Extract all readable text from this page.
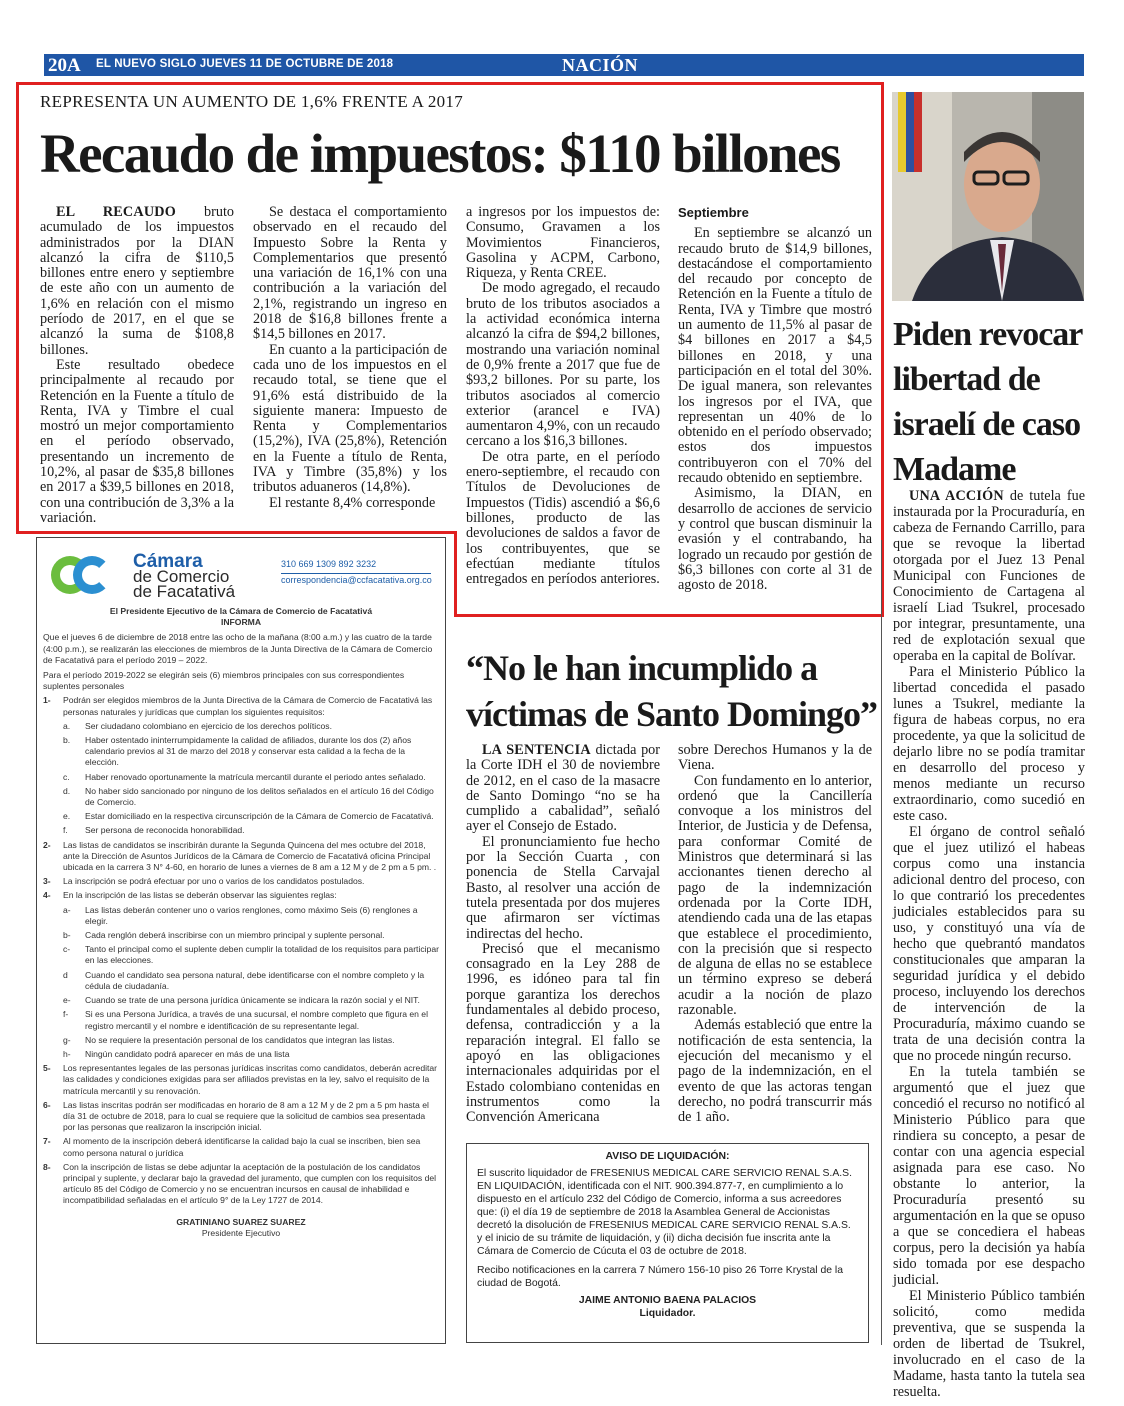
20A EL NUEVO SIGLO JUEVES 11 DE OCTUBRE DE 2018	NACIÓN
REPRESENTA UN AUMENTO DE 1,6% FRENTE A 2017
Recaudo de impuestos: $110 billones

EL RECAUDO bruto acumulado de los impuestos administrados por la DIAN alcanzó la cifra de $110,5 billones entre enero y septiembre de este año con un aumento de 1,6% en relación con el mismo período de 2017, en el que se alcanzó la suma de $108,8 billones.

Este resultado obedece principalmente al recaudo por Retención en la Fuente a título de Renta, IVA y Timbre el cual mostró un mejor comportamiento en el período observado, presentando un incremento de 10,2%, al pasar de $35,8 billones en 2017 a $39,5 billones en 2018, con una contribución de 3,3% a la variación.

Se destaca el comportamiento observado en el recaudo del Impuesto Sobre la Renta y Complementarios que presentó una variación de 16,1% con una contribución a la variación del 2,1%, registrando un ingreso en 2018 de $16,8 billones frente a $14,5 billones en 2017.

En cuanto a la participación de cada uno de los impuestos en el recaudo total, se tiene que el 91,6% está distribuido de la siguiente manera: Impuesto de Renta y Complementarios (15,2%), IVA (25,8%), Retención en la Fuente a título de Renta, IVA y Timbre (35,8%) y los tributos aduaneros (14,8%).

El restante 8,4% corresponde

a ingresos por los impuestos de: Consumo, Gravamen a los Movimientos Financieros, Gasolina y ACPM, Carbono, Riqueza, y Renta CREE.

De modo agregado, el recaudo bruto de los tributos asociados a la actividad económica interna alcanzó la cifra de $94,2 billones, mostrando una variación nominal de 0,9% frente a 2017 que fue de $93,2 billones. Por su parte, los tributos asociados al comercio exterior (arancel e IVA) aumentaron 4,9%, con un recaudo cercano a los $16,3 billones.

De otra parte, en el período enero-septiembre, el recaudo con Títulos de Devoluciones de Impuestos (Tidis) ascendió a $6,6 billones, producto de las devoluciones de saldos a favor de los contribuyentes, que se efectúan mediante títulos entregados en períodos anteriores.

Septiembre

En septiembre se alcanzó un recaudo bruto de $14,9 billones, destacándose el comportamiento del recaudo por concepto de Retención en la Fuente a título de Renta, IVA y Timbre que mostró un aumento de 11,5% al pasar de $4 billones en 2017 a $4,5 billones en 2018, y una participación en el total del 30%. De igual manera, son relevantes los ingresos por el IVA, que representan un 40% de lo obtenido en el período observado; estos dos impuestos contribuyeron con el 70% del recaudo obtenido en septiembre.

Asimismo, la DIAN, en desarrollo de acciones de servicio y control que buscan disminuir la evasión y el contrabando, ha logrado un recaudo por gestión de $6,3 billones con corte al 31 de agosto de 2018.

Piden revocar libertad de israelí de caso Madame

UNA ACCIÓN de tutela fue instaurada por la Procuraduría, en cabeza de Fernando Carrillo, para que se revoque la libertad otorgada por el Juez 13 Penal Municipal con Funciones de Conocimiento de Cartagena al israelí Liad Tsukrel, procesado por integrar, presuntamente, una red de explotación sexual que operaba en la capital de Bolívar.

Para el Ministerio Público la libertad concedida el pasado lunes a Tsukrel, mediante la figura de habeas corpus, no era procedente, ya que la solicitud de dejarlo libre no se podía tramitar en desarrollo del proceso y menos mediante un recurso extraordinario, como sucedió en este caso.

El órgano de control señaló que el juez utilizó el habeas corpus como una instancia adicional dentro del proceso, con lo que contrarió los precedentes judiciales establecidos para su uso, y constituyó una vía de hecho que quebrantó mandatos constitucionales que amparan la seguridad jurídica y el debido proceso, incluyendo los derechos de intervención de la Procuraduría, máximo cuando se trata de una decisión contra la que no procede ningún recurso.

En la tutela también se argumentó que el juez que concedió el recurso no notificó al Ministerio Público para que rindiera su concepto, a pesar de contar con una agencia especial asignada para ese caso. No obstante lo anterior, la Procuraduría presentó su argumentación en la que se opuso a que se concediera el habeas corpus, pero la decisión ya había sido tomada por ese despacho judicial.

El Ministerio Público también solicitó, como medida preventiva, que se suspenda la orden de libertad de Tsukrel, involucrado en el caso de la Madame, hasta tanto la tutela sea resuelta.

“No le han incumplido a víctimas de Santo Domingo”

LA SENTENCIA dictada por la Corte IDH el 30 de noviembre de 2012, en el caso de la masacre de Santo Domingo “no se ha cumplido a cabalidad”, señaló ayer el Consejo de Estado.

El pronunciamiento fue hecho por la Sección Cuarta , con ponencia de Stella Carvajal Basto, al resolver una acción de tutela presentada por dos mujeres que afirmaron ser víctimas indirectas del hecho.

Precisó que el mecanismo consagrado en la Ley 288 de 1996, es idóneo para tal fin porque garantiza los derechos fundamentales al debido proceso, defensa, contradicción y a la reparación integral. El fallo se apoyó en las obligaciones internacionales adquiridas por el Estado colombiano contenidas en instrumentos como la Convención Americana

sobre Derechos Humanos y la de Viena.

Con fundamento en lo anterior, ordenó que la Cancillería convoque a los ministros del Interior, de Justicia y de Defensa, para conformar Comité de Ministros que determinará si las accionantes tienen derecho al pago de la indemnización ordenada por la Corte IDH, atendiendo cada una de las etapas que establece el procedimiento, con la precisión que si respecto de alguna de ellas no se establece un término expreso se deberá acudir a la noción de plazo razonable.

Además estableció que entre la notificación de esta sentencia, la ejecución del mecanismo y el pago de la indemnización, en el evento de que las actoras tengan derecho, no podrá transcurrir más de 1 año.

Cámara
de Comercio
de Facatativá
310 669 1309 892 3232
correspondencia@ccfacatativa.org.co
El Presidente Ejecutivo de la Cámara de Comercio de Facatativá
INFORMA
Que el jueves 6 de diciembre de 2018 entre las ocho de la mañana (8:00 a.m.) y las cuatro de la tarde (4:00 p.m.), se realizarán las elecciones de miembros de la Junta Directiva de la Cámara de Comercio de Facatativá para el período 2019 – 2022.
Para el período 2019-2022 se elegirán seis (6) miembros principales con sus correspondientes suplentes personales
1-	Podrán ser elegidos miembros de la Junta Directiva de la Cámara de Comercio de Facatativá las personas naturales y jurídicas que cumplan los siguientes requisitos:
a.	Ser ciudadano colombiano en ejercicio de los derechos políticos.
b.	Haber ostentado ininterrumpidamente la calidad de afiliados, durante los dos (2) años calendario previos al 31 de marzo del 2018 y conservar esta calidad a la fecha de la elección.
c.	Haber renovado oportunamente la matrícula mercantil durante el periodo antes señalado.
d.	No haber sido sancionado por ninguno de los delitos señalados en el artículo 16 del Código de Comercio.
e.	Estar domiciliado en la respectiva circunscripción de la Cámara de Comercio de Facatativá.
f.	Ser persona de reconocida honorabilidad.
2-	Las listas de candidatos se inscribirán durante la Segunda Quincena del mes octubre del 2018, ante la Dirección de Asuntos Jurídicos de la Cámara de Comercio de Facatativá oficina Principal ubicada en la carrera 3 N° 4-60, en horario de lunes a viernes de 8 am a 12 M y de 2 pm a 5 pm. .
3-	La inscripción se podrá efectuar por uno o varios de los candidatos postulados.
4-	En la inscripción de las listas se deberán observar las siguientes reglas:
a-	Las listas deberán contener uno o varios renglones, como máximo Seis (6) renglones a elegir.
b-	Cada renglón deberá inscribirse con un miembro principal y suplente personal.
c-	Tanto el principal como el suplente deben cumplir la totalidad de los requisitos para participar en las elecciones.
d	Cuando el candidato sea persona natural, debe identificarse con el nombre completo y la cédula de ciudadanía.
e-	Cuando se trate de una persona jurídica únicamente se indicara la razón social y el NIT.
f-	Si es una Persona Jurídica, a través de una sucursal, el nombre completo que figura en el registro mercantil y el nombre e identificación de su representante legal.
g-	No se requiere la presentación personal de los candidatos que integran las listas.
h-	Ningún candidato podrá aparecer en más de una lista
5-	Los representantes legales de las personas jurídicas inscritas como candidatos, deberán acreditar las calidades y condiciones exigidas para ser afiliados previstas en la ley, salvo el requisito de la matrícula mercantil y su renovación.
6-	Las listas inscritas podrán ser modificadas en horario de 8 am a 12 M y de 2 pm a 5 pm hasta el día 31 de octubre de 2018, para lo cual se requiere que la solicitud de cambios sea presentada por las personas que realizaron la inscripción inicial.
7-	Al momento de la inscripción deberá identificarse la calidad bajo la cual se inscriben, bien sea como persona natural o jurídica
8-	Con la inscripción de listas se debe adjuntar la aceptación de la postulación de los candidatos principal y suplente, y declarar bajo la gravedad del juramento, que cumplen con los requisitos del artículo 85 del Código de Comercio y no se encuentran incursos en causal de inhabilidad e incompatibilidad señaladas en el artículo 9° de la Ley 1727 de 2014.
GRATINIANO SUAREZ SUAREZ
Presidente Ejecutivo
AVISO DE LIQUIDACIÓN:
El suscrito liquidador de FRESENIUS MEDICAL CARE SERVICIO RENAL S.A.S. EN LIQUIDACIÓN, identificada con el NIT. 900.394.877-7, en cumplimiento a lo dispuesto en el artículo 232 del Código de Comercio, informa a sus acreedores que: (i) el día 19 de septiembre de 2018 la Asamblea General de Accionistas decretó la disolución de FRESENIUS MEDICAL CARE SERVICIO RENAL S.A.S. y el inicio de su trámite de liquidación, y (ii) dicha decisión fue inscrita ante la Cámara de Comercio de Cúcuta el 03 de octubre de 2018.
Recibo notificaciones en la carrera 7 Número 156-10 piso 26 Torre Krystal de la ciudad de Bogotá.
JAIME ANTONIO BAENA PALACIOS
Liquidador.
